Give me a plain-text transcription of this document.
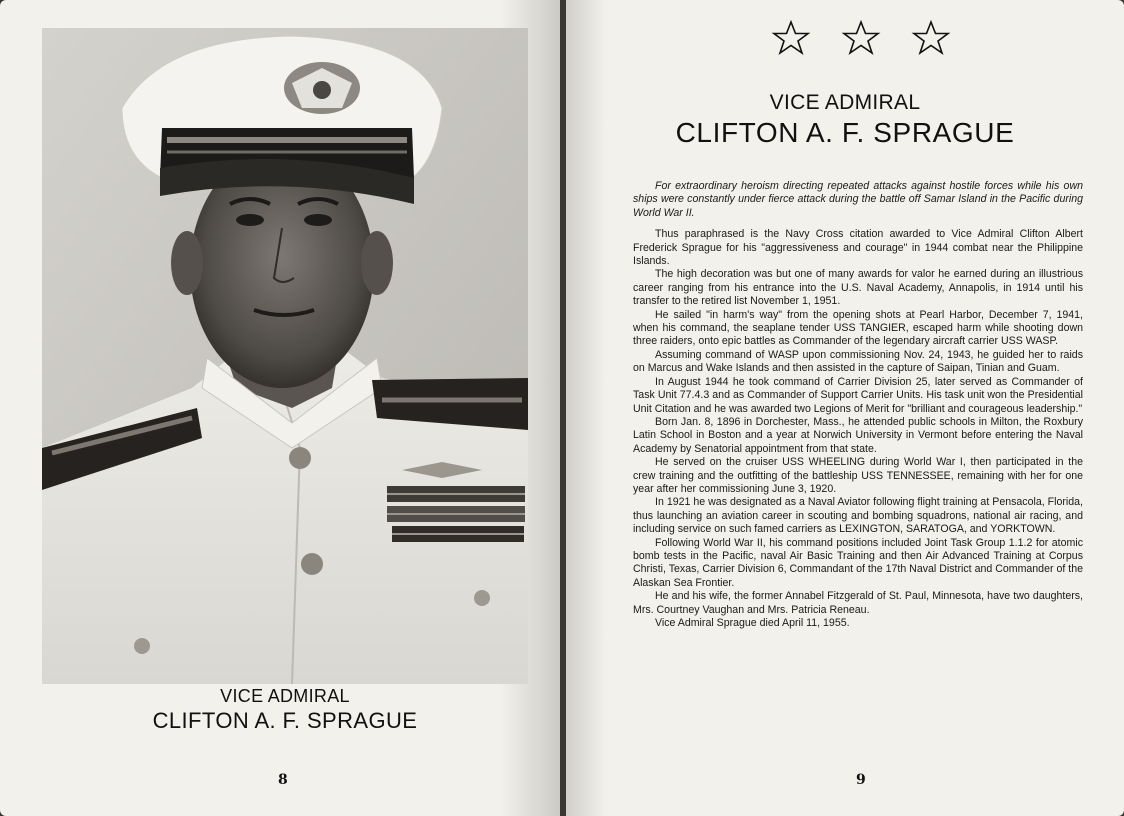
VICE ADMIRAL
CLIFTON A. F. SPRAGUE
8
VICE ADMIRAL
CLIFTON A. F. SPRAGUE

For extraordinary heroism directing repeated attacks against hostile forces while his own ships were constantly under fierce attack during the battle off Samar Island in the Pacific during World War II.

Thus paraphrased is the Navy Cross citation awarded to Vice Admiral Clifton Albert Frederick Sprague for his "aggressiveness and courage" in 1944 combat near the Philippine Islands.

The high decoration was but one of many awards for valor he earned during an illustrious career ranging from his entrance into the U.S. Naval Academy, Annapolis, in 1914 until his transfer to the retired list November 1, 1951.

He sailed "in harm's way" from the opening shots at Pearl Harbor, December 7, 1941, when his command, the seaplane tender USS TANGIER, escaped harm while shooting down three raiders, onto epic battles as Commander of the legendary aircraft carrier USS WASP.

Assuming command of WASP upon commissioning Nov. 24, 1943, he guided her to raids on Marcus and Wake Islands and then assisted in the capture of Saipan, Tinian and Guam.

In August 1944 he took command of Carrier Division 25, later served as Commander of Task Unit 77.4.3 and as Commander of Support Carrier Units. His task unit won the Presidential Unit Citation and he was awarded two Legions of Merit for "brilliant and courageous leadership."

Born Jan. 8, 1896 in Dorchester, Mass., he attended public schools in Milton, the Roxbury Latin School in Boston and a year at Norwich University in Vermont before entering the Naval Academy by Senatorial appointment from that state.

He served on the cruiser USS WHEELING during World War I, then participated in the crew training and the outfitting of the battleship USS TENNESSEE, remaining with her for one year after her commissioning June 3, 1920.

In 1921 he was designated as a Naval Aviator following flight training at Pensacola, Florida, thus launching an aviation career in scouting and bombing squadrons, national air racing, and including service on such famed carriers as LEXINGTON, SARATOGA, and YORKTOWN.

Following World War II, his command positions included Joint Task Group 1.1.2 for atomic bomb tests in the Pacific, naval Air Basic Training and then Air Advanced Training at Corpus Christi, Texas, Carrier Division 6, Commandant of the 17th Naval District and Commander of the Alaskan Sea Frontier.

He and his wife, the former Annabel Fitzgerald of St. Paul, Minnesota, have two daughters, Mrs. Courtney Vaughan and Mrs. Patricia Reneau.

Vice Admiral Sprague died April 11, 1955.

9
